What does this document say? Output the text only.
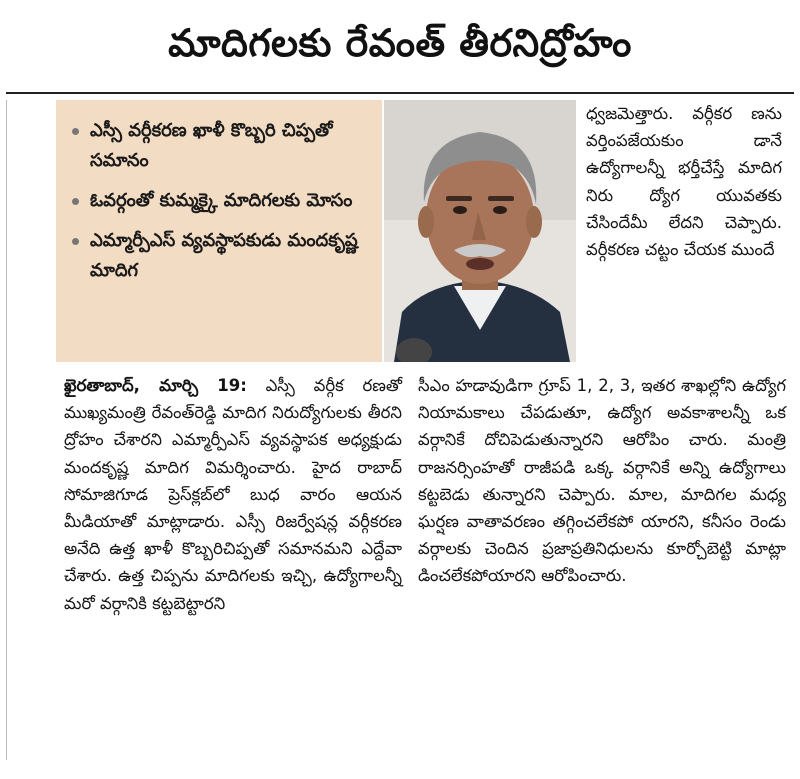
మాదిగలకు రేవంత్ తీరనిద్రోహం
ఎస్సీ వర్గీకరణ ఖాళీ కొబ్బరి చిప్పతో సమానం
ఓవర్గంతో కుమ్మక్కై మాదిగలకు మోసం
ఎమ్మార్పీఎస్ వ్యవస్థాపకుడు మందకృష్ణ మాదిగ
ధ్వజమెత్తారు. వర్గీకర ణను వర్తింపజేయకుం డానే ఉద్యోగాలన్నీ భర్తీచేస్తే మాదిగ నిరు ద్యోగ యువతకు చేసిందేమీ లేదని చెప్పారు. వర్గీకరణ చట్టం చేయక ముందే
ఖైరతాబాద్, మార్చి 19: ఎస్సీ వర్గీక రణతో ముఖ్యమంత్రి రేవంత్‌రెడ్డి మాదిగ నిరుద్యోగులకు తీరని ద్రోహం చేశారని ఎమ్మార్పీఎస్ వ్యవస్థాపక అధ్యక్షుడు మందకృష్ణ మాదిగ విమర్శించారు. హైద రాబాద్ సోమాజిగూడ ప్రెస్‌క్లబ్‌లో బుధ వారం ఆయన మీడియాతో మాట్లాడారు. ఎస్సీ రిజర్వేషన్ల వర్గీకరణ అనేది ఉత్త ఖాళీ కొబ్బరిచిప్పతో సమానమని ఎద్దేవా చేశారు. ఉత్త చిప్పను మాదిగలకు ఇచ్చి, ఉద్యోగాలన్నీ మరో వర్గానికి కట్టబెట్టారని
సీఎం హడావుడిగా గ్రూప్ 1, 2, 3, ఇతర శాఖల్లోని ఉద్యోగ నియామకాలు చేపడుతూ, ఉద్యోగ అవకాశాలన్నీ ఒక వర్గానికే దోచిపెడుతున్నారని ఆరోపిం చారు. మంత్రి రాజనర్సింహతో రాజీపడి ఒక్క వర్గానికే అన్ని ఉద్యోగాలు కట్టబెడు తున్నారని చెప్పారు. మాల, మాదిగల మధ్య ఘర్షణ వాతావరణం తగ్గించలేకపో యారని, కనీసం రెండు వర్గాలకు చెందిన ప్రజాప్రతినిధులను కూర్చోబెట్టి మాట్లా డించలేకపోయారని ఆరోపించారు.
